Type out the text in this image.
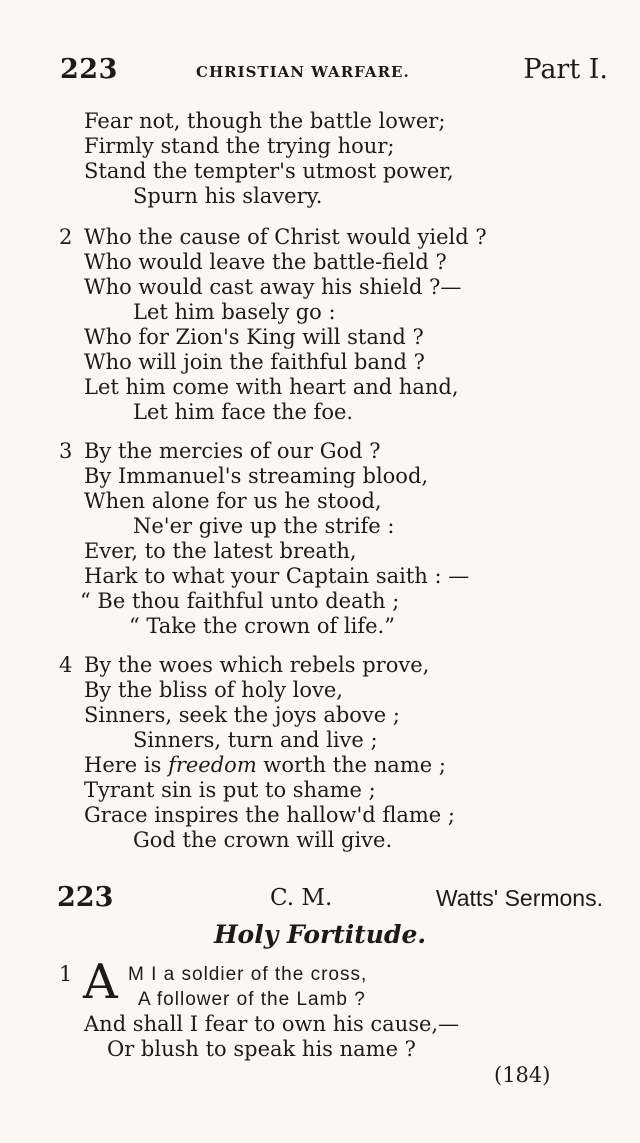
223	CHRISTIAN WARFARE.	Part I.
Fear not, though the battle lower;
Firmly stand the trying hour;
Stand the tempter's utmost power,
Spurn his slavery.
2 Who the cause of Christ would yield ?
Who would leave the battle-field ?
Who would cast away his shield ?—
Let him basely go :
Who for Zion's King will stand ?
Who will join the faithful band ?
Let him come with heart and hand,
Let him face the foe.
3 By the mercies of our God ?
By Immanuel's streaming blood,
When alone for us he stood,
Ne'er give up the strife :
Ever, to the latest breath,
Hark to what your Captain saith : —
“ Be thou faithful unto death ;
“ Take the crown of life.”
4 By the woes which rebels prove,
By the bliss of holy love,
Sinners, seek the joys above ;
Sinners, turn and live ;
Here is freedom worth the name ;
Tyrant sin is put to shame ;
Grace inspires the hallow'd flame ;
God the crown will give.
223	C. M.	Watts' Sermons.
Holy Fortitude.
1 A M I a soldier of the cross,
A follower of the Lamb ?
And shall I fear to own his cause,—
Or blush to speak his name ?
(184)
